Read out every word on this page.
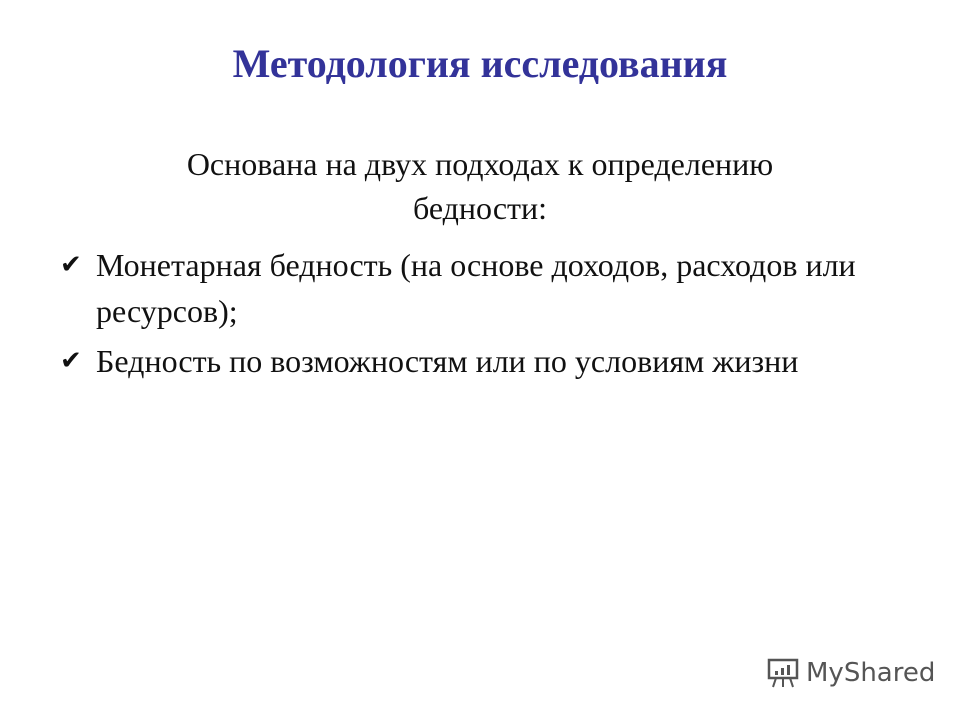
Методология исследования
Основана на двух подходах к определению
бедности:
✔ Монетарная бедность (на основе доходов, расходов или ресурсов);
✔ Бедность по возможностям или по условиям жизни
MyShared
